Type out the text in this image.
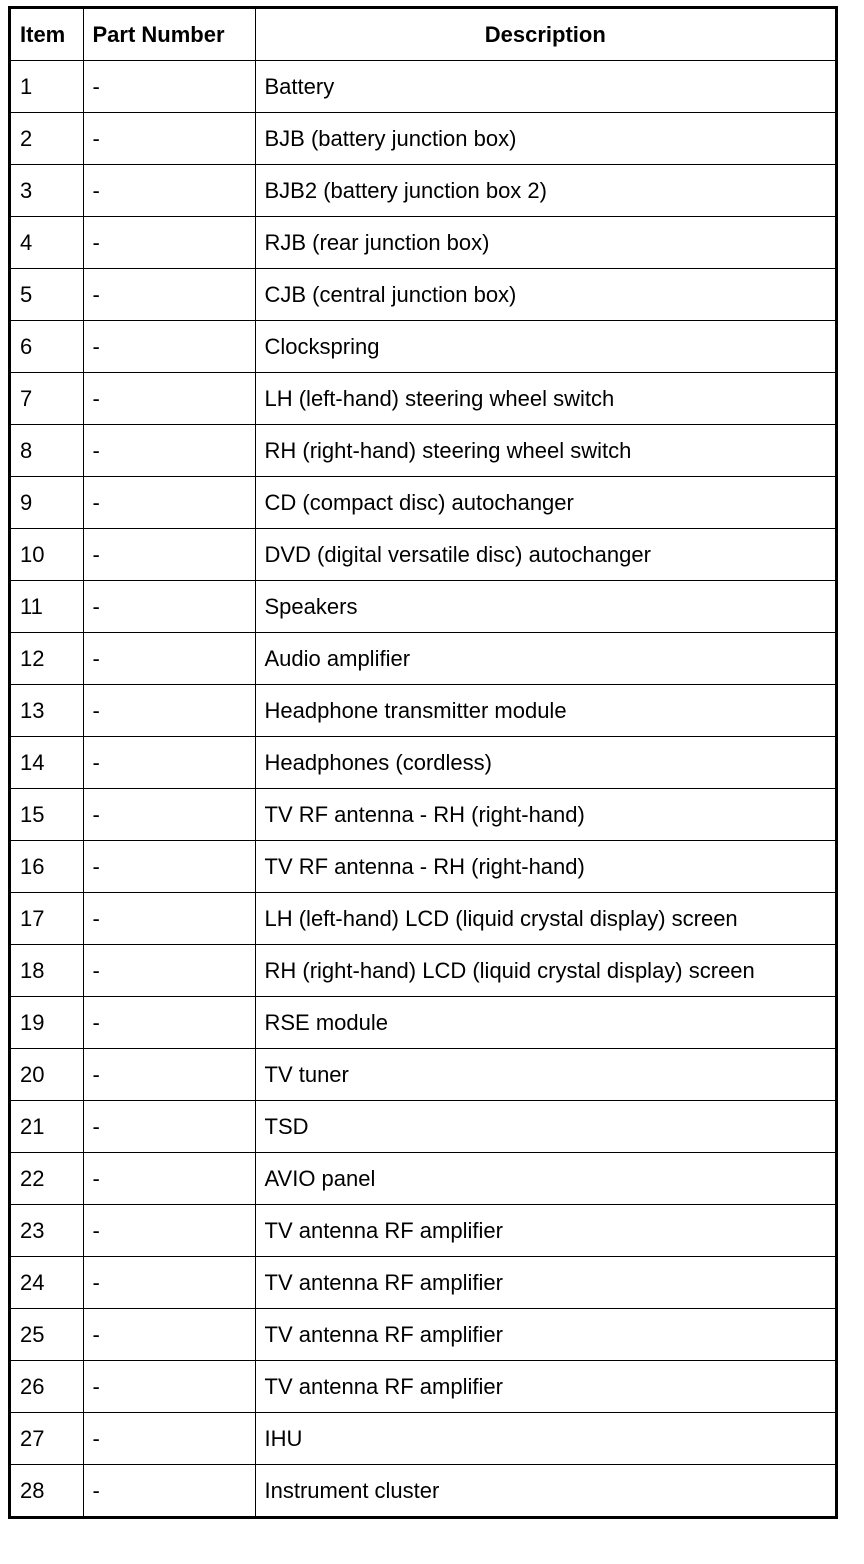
Item	Part Number	Description
1	-	Battery
2	-	BJB (battery junction box)
3	-	BJB2 (battery junction box 2)
4	-	RJB (rear junction box)
5	-	CJB (central junction box)
6	-	Clockspring
7	-	LH (left-hand) steering wheel switch
8	-	RH (right-hand) steering wheel switch
9	-	CD (compact disc) autochanger
10	-	DVD (digital versatile disc) autochanger
11	-	Speakers
12	-	Audio amplifier
13	-	Headphone transmitter module
14	-	Headphones (cordless)
15	-	TV RF antenna - RH (right-hand)
16	-	TV RF antenna - RH (right-hand)
17	-	LH (left-hand) LCD (liquid crystal display) screen
18	-	RH (right-hand) LCD (liquid crystal display) screen
19	-	RSE module
20	-	TV tuner
21	-	TSD
22	-	AVIO panel
23	-	TV antenna RF amplifier
24	-	TV antenna RF amplifier
25	-	TV antenna RF amplifier
26	-	TV antenna RF amplifier
27	-	IHU
28	-	Instrument cluster
